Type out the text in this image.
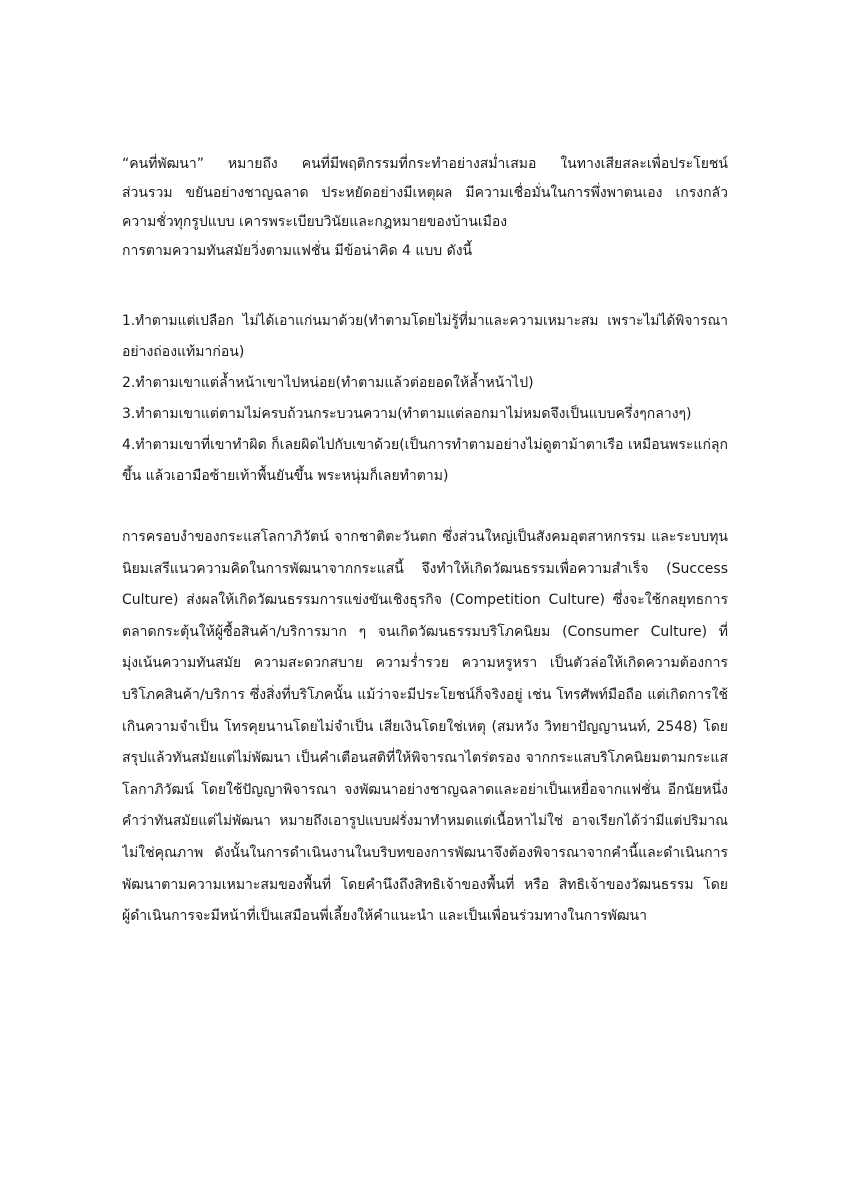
“คนที่พัฒนา” หมายถึง คนที่มีพฤติกรรมที่กระทำอย่างสม่ำเสมอ ในทางเสียสละเพื่อประโยชน์
ส่วนรวม ขยันอย่างชาญฉลาด ประหยัดอย่างมีเหตุผล มีความเชื่อมั่นในการพึ่งพาตนเอง เกรงกลัว
ความชั่วทุกรูปแบบ เคารพระเบียบวินัยและกฎหมายของบ้านเมือง
การตามความทันสมัยวิ่งตามแฟชั่น มีข้อน่าคิด 4 แบบ ดังนี้
1.ทำตามแต่เปลือก ไม่ได้เอาแก่นมาด้วย(ทำตามโดยไม่รู้ที่มาและความเหมาะสม เพราะไม่ได้พิจารณา
อย่างถ่องแท้มาก่อน)
2.ทำตามเขาแต่ล้ำหน้าเขาไปหน่อย(ทำตามแล้วต่อยอดให้ล้ำหน้าไป)
3.ทำตามเขาแต่ตามไม่ครบถ้วนกระบวนความ(ทำตามแต่ลอกมาไม่หมดจึงเป็นแบบครึ่งๆกลางๆ)
4.ทำตามเขาที่เขาทำผิด ก็เลยผิดไปกับเขาด้วย(เป็นการทำตามอย่างไม่ดูตาม้าตาเรือ เหมือนพระแก่ลุก
ขึ้น แล้วเอามือซ้ายเท้าพื้นยันขึ้น พระหนุ่มก็เลยทำตาม)
การครอบงำของกระแสโลกาภิวัตน์ จากชาติตะวันตก ซึ่งส่วนใหญ่เป็นสังคมอุตสาหกรรม และระบบทุน
นิยมเสรีแนวความคิดในการพัฒนาจากกระแสนี้ จึงทำให้เกิดวัฒนธรรมเพื่อความสำเร็จ (Success
Culture) ส่งผลให้เกิดวัฒนธรรมการแข่งขันเชิงธุรกิจ (Competition Culture) ซึ่งจะใช้กลยุทธการ
ตลาดกระตุ้นให้ผู้ซื้อสินค้า/บริการมาก ๆ จนเกิดวัฒนธรรมบริโภคนิยม (Consumer Culture) ที่
มุ่งเน้นความทันสมัย ความสะดวกสบาย ความร่ำรวย ความหรูหรา เป็นตัวล่อให้เกิดความต้องการ
บริโภคสินค้า/บริการ ซึ่งสิ่งที่บริโภคนั้น แม้ว่าจะมีประโยชน์ก็จริงอยู่ เช่น โทรศัพท์มือถือ แต่เกิดการใช้
เกินความจำเป็น โทรคุยนานโดยไม่จำเป็น เสียเงินโดยใช่เหตุ (สมหวัง วิทยาปัญญานนท์, 2548) โดย
สรุปแล้วทันสมัยแต่ไม่พัฒนา เป็นคำเตือนสติที่ให้พิจารณาไตร่ตรอง จากกระแสบริโภคนิยมตามกระแส
โลกาภิวัฒน์ โดยใช้ปัญญาพิจารณา จงพัฒนาอย่างชาญฉลาดและอย่าเป็นเหยื่อจากแฟชั่น อีกนัยหนึ่ง
คำว่าทันสมัยแต่ไม่พัฒนา หมายถึงเอารูปแบบฝรั่งมาทำหมดแต่เนื้อหาไม่ใช่ อาจเรียกได้ว่ามีแต่ปริมาณ
ไม่ใช่คุณภาพ ดังนั้นในการดำเนินงานในบริบทของการพัฒนาจึงต้องพิจารณาจากคำนี้และดำเนินการ
พัฒนาตามความเหมาะสมของพื้นที่ โดยคำนึงถึงสิทธิเจ้าของพื้นที่ หรือ สิทธิเจ้าของวัฒนธรรม โดย
ผู้ดำเนินการจะมีหน้าที่เป็นเสมือนพี่เลี้ยงให้คำแนะนำ และเป็นเพื่อนร่วมทางในการพัฒนา
